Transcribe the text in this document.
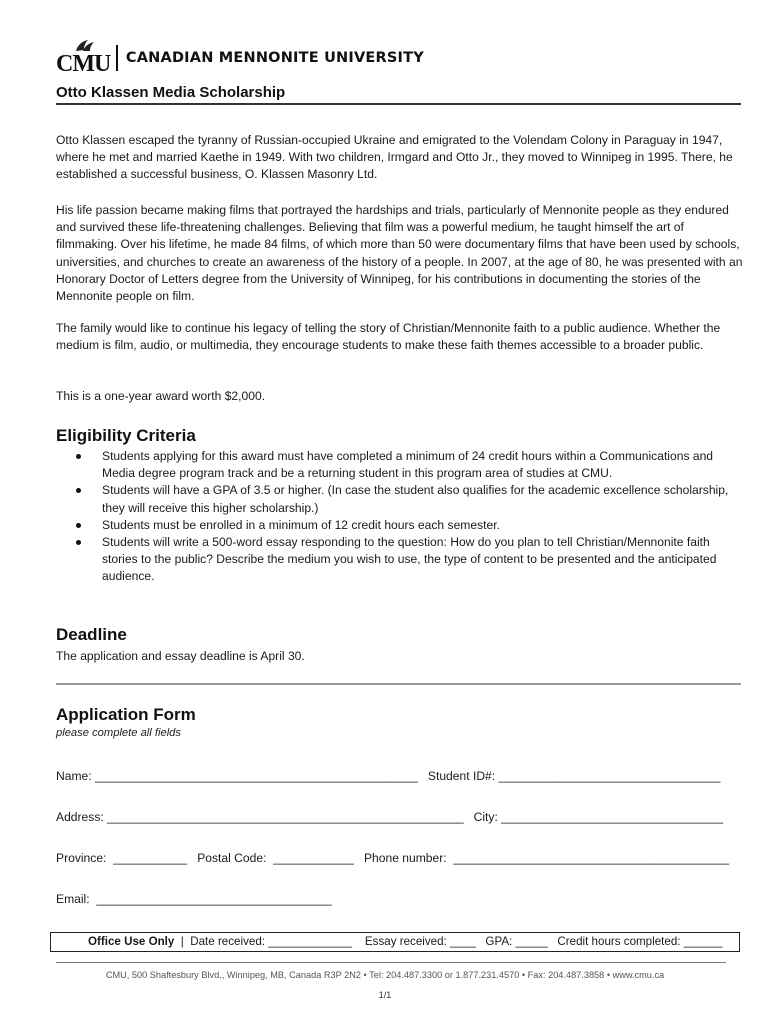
CMU CANADIAN MENNONITE UNIVERSITY
Otto Klassen Media Scholarship

Otto Klassen escaped the tyranny of Russian-occupied Ukraine and emigrated to the Volendam Colony in Paraguay in 1947, where he met and married Kaethe in 1949. With two children, Irmgard and Otto Jr., they moved to Winnipeg in 1995. There, he established a successful business, O. Klassen Masonry Ltd.

His life passion became making films that portrayed the hardships and trials, particularly of Mennonite people as they endured and survived these life-threatening challenges. Believing that film was a powerful medium, he taught himself the art of filmmaking. Over his lifetime, he made 84 films, of which more than 50 were documentary films that have been used by schools, universities, and churches to create an awareness of the history of a people. In 2007, at the age of 80, he was presented with an Honorary Doctor of Letters degree from the University of Winnipeg, for his contributions in documenting the stories of the Mennonite people on film.

The family would like to continue his legacy of telling the story of Christian/Mennonite faith to a public audience. Whether the medium is film, audio, or multimedia, they encourage students to make these faith themes accessible to a broader public.

This is a one-year award worth $2,000.

Eligibility Criteria
Students applying for this award must have completed a minimum of 24 credit hours within a Communications and Media degree program track and be a returning student in this program area of studies at CMU.
Students will have a GPA of 3.5 or higher. (In case the student also qualifies for the academic excellence scholarship, they will receive this higher scholarship.)
Students must be enrolled in a minimum of 12 credit hours each semester.
Students will write a 500-word essay responding to the question: How do you plan to tell Christian/Mennonite faith stories to the public? Describe the medium you wish to use, the type of content to be presented and the anticipated audience.
Deadline

The application and essay deadline is April 30.

Application Form
please complete all fields
Name: ________________________________________________   Student ID#: _________________________________
Address: _____________________________________________________   City: _________________________________
Province:  ___________   Postal Code:  ____________   Phone number:  _________________________________________
Email:  ___________________________________
Office Use Only  |  Date received: _____________    Essay received: ____   GPA: _____   Credit hours completed: ______
CMU, 500 Shaftesbury Blvd., Winnipeg, MB, Canada R3P 2N2 • Tel: 204.487.3300 or 1.877.231.4570 • Fax: 204.487.3858 • www.cmu.ca
1/1
